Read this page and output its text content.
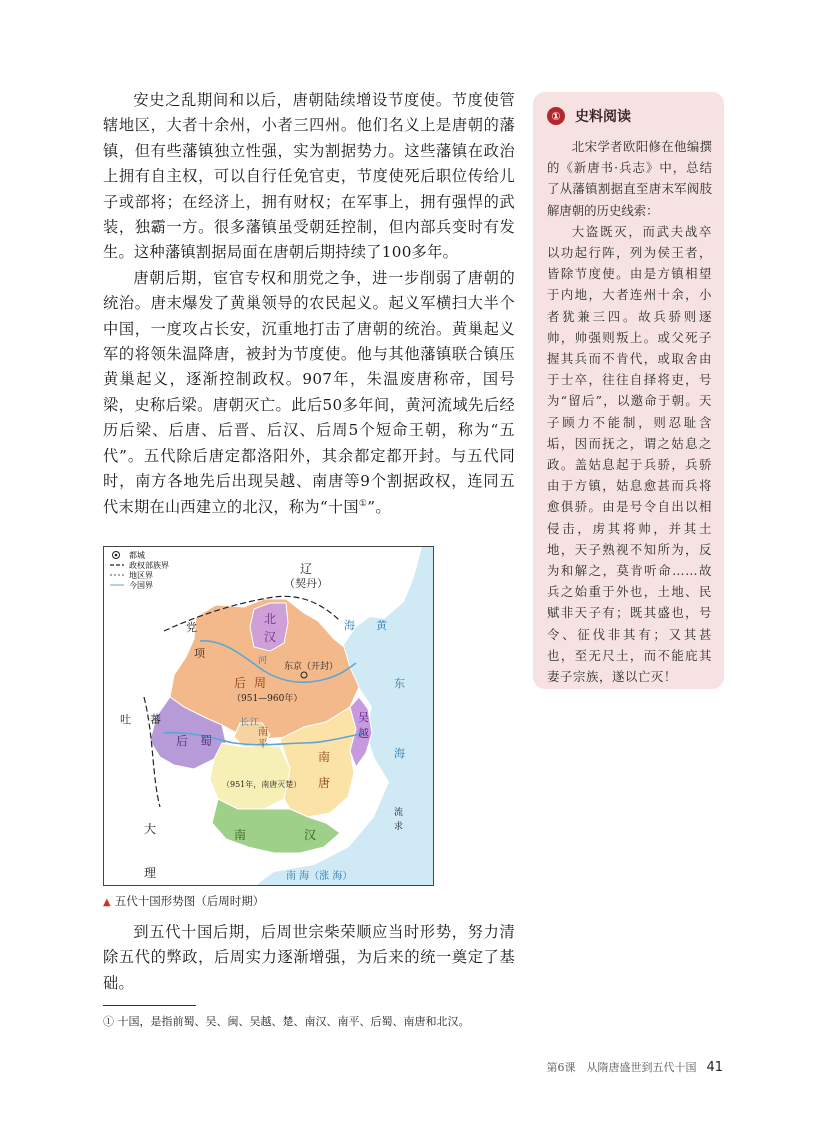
安史之乱期间和以后，唐朝陆续增设节度使。节度使管辖地区，大者十余州，小者三四州。他们名义上是唐朝的藩镇，但有些藩镇独立性强，实为割据势力。这些藩镇在政治上拥有自主权，可以自行任免官吏，节度使死后职位传给儿子或部将；在经济上，拥有财权；在军事上，拥有强悍的武装，独霸一方。很多藩镇虽受朝廷控制，但内部兵变时有发生。这种藩镇割据局面在唐朝后期持续了100多年。

唐朝后期，宦官专权和朋党之争，进一步削弱了唐朝的统治。唐末爆发了黄巢领导的农民起义。起义军横扫大半个中国，一度攻占长安，沉重地打击了唐朝的统治。黄巢起义军的将领朱温降唐，被封为节度使。他与其他藩镇联合镇压黄巢起义，逐渐控制政权。907年，朱温废唐称帝，国号梁，史称后梁。唐朝灭亡。此后50多年间，黄河流域先后经历后梁、后唐、后晋、后汉、后周5个短命王朝，称为“五代”。五代除后唐定都洛阳外，其余都定都开封。与五代同时，南方各地先后出现吴越、南唐等9个割据政权，连同五代末期在山西建立的北汉，称为“十国①”。

①	史料阅读

北宋学者欧阳修在他编撰的《新唐书·兵志》中，总结了从藩镇割据直至唐末军阀肢解唐朝的历史线索：

大盗既灭，而武夫战卒以功起行阵，列为侯王者，皆除节度使。由是方镇相望于内地，大者连州十余，小者犹兼三四。故兵骄则逐帅，帅强则叛上。或父死子握其兵而不肯代，或取舍由于士卒，往往自择将吏，号为“留后”，以邀命于朝。天子顾力不能制，则忍耻含垢，因而抚之，谓之姑息之政。盖姑息起于兵骄，兵骄由于方镇，姑息愈甚而兵将愈俱骄。由是号令自出以相侵击，虏其将帅，并其土地，天子熟视不知所为，反为和解之，莫肯听命……故兵之始重于外也，土地、民赋非天子有；既其盛也，号令、征伐非其有；又其甚也，至无尺土，而不能庇其妻子宗族，遂以亡灭！

都城
政权部族界
地区界
今国界
辽
（契丹）
北
汉
东京（开封）
后 周
（951—960年）
党
项
吐 蕃
后　蜀
南
平
（951年，南唐灭楚）
南
唐
吴
越
南	汉
大
理
黄
东
海
海
南 海（涨 海）
流
求
河
长 江
▲ 五代十国形势图（后周时期）

到五代十国后期，后周世宗柴荣顺应当时形势，努力清除五代的弊政，后周实力逐渐增强，为后来的统一奠定了基础。

① 十国，是指前蜀、吴、闽、吴越、楚、南汉、南平、后蜀、南唐和北汉。
第6课　从隋唐盛世到五代十国 41
